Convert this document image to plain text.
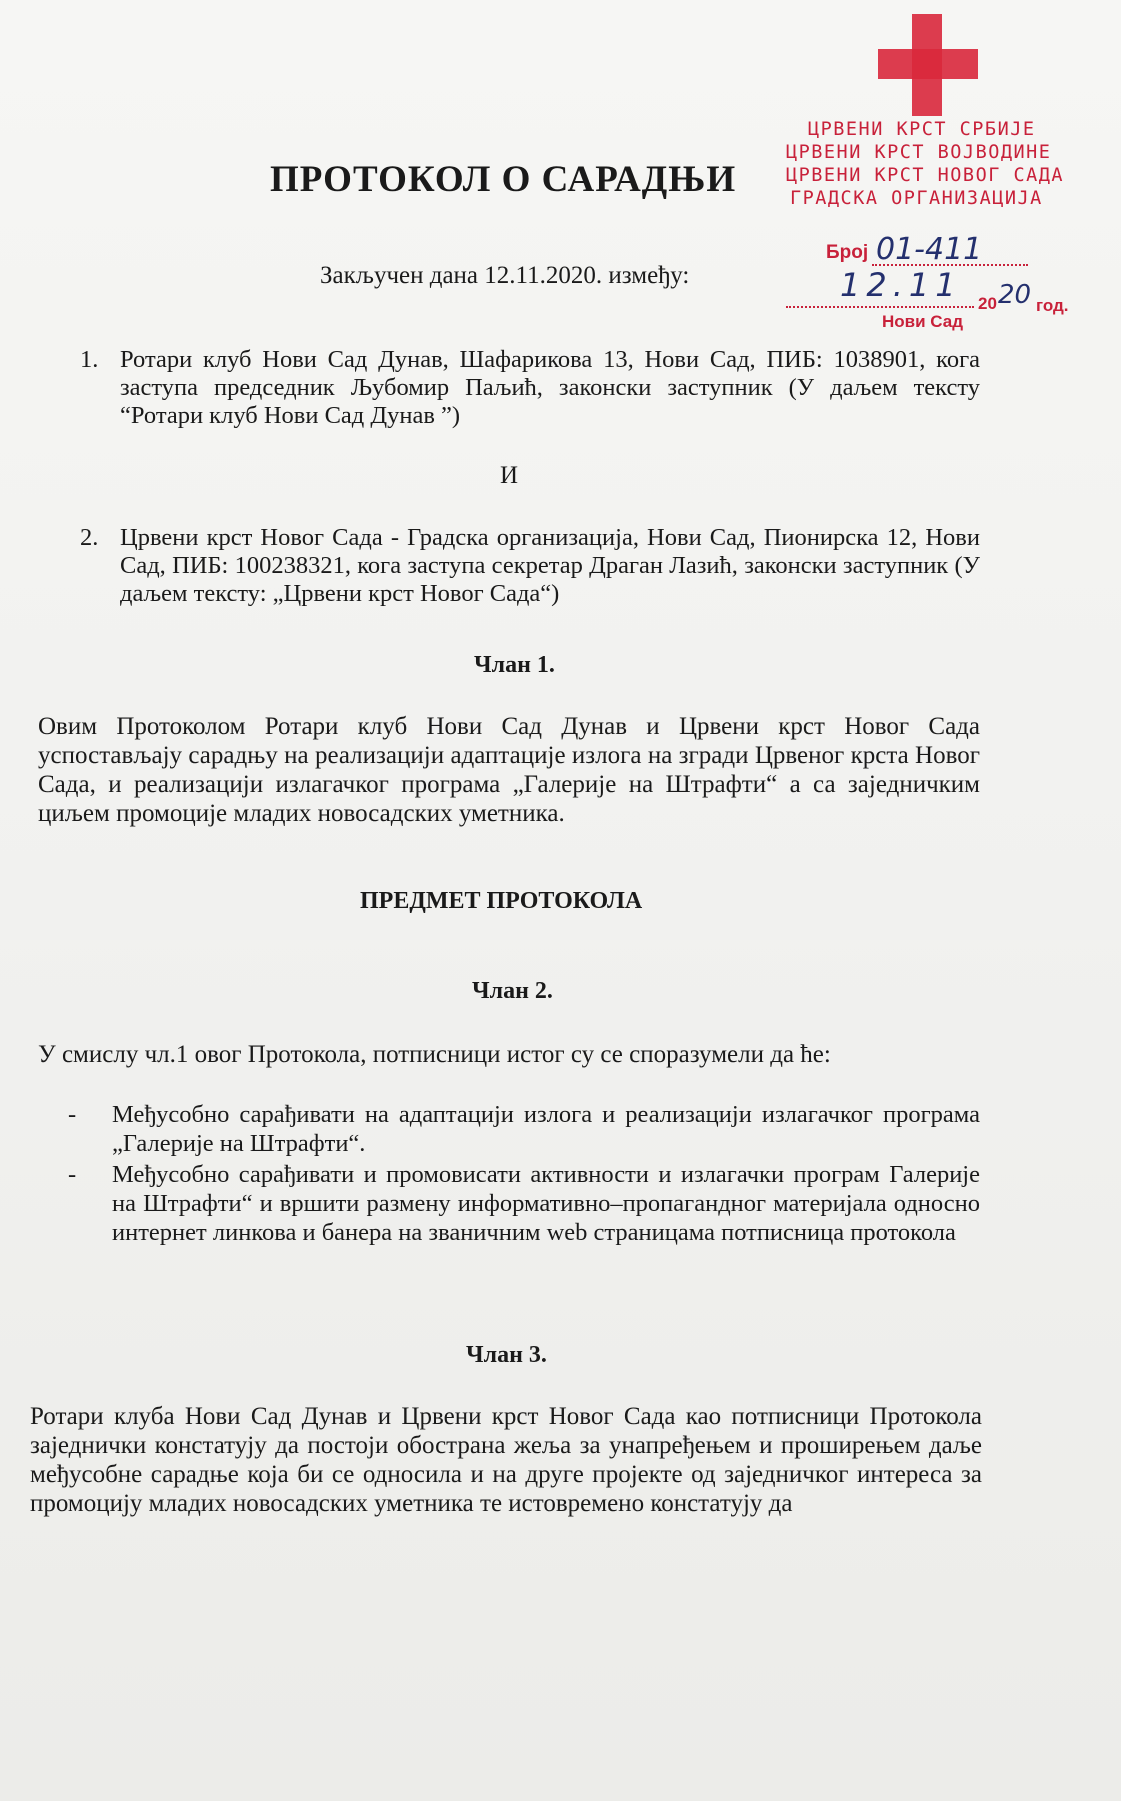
ЦРВЕНИ КРСТ СРБИЈЕ
ЦРВЕНИ КРСТ ВОЈВОДИНЕ
ЦРВЕНИ КРСТ НОВОГ САДА
ГРАДСКА ОРГАНИЗАЦИЈА
Број 01-411
12.11 20 20 год.
Нови Сад
ПРОТОКОЛ О САРАДЊИ
Закључен дана 12.11.2020. између:
1. Ротари клуб Нови Сад Дунав, Шафарикова 13, Нови Сад, ПИБ: 1038901, кога заступа председник Љубомир Паљић, законски заступник (У даљем тексту “Ротари клуб Нови Сад Дунав ”)
И
2. Црвени крст Новог Сада - Градска организација, Нови Сад, Пионирска 12, Нови Сад, ПИБ: 100238321, кога заступа секретар Драган Лазић, законски заступник (У даљем тексту: „Црвени крст Новог Сада“)
Члан 1.
Овим Протоколом Ротари клуб Нови Сад Дунав и Црвени крст Новог Сада успостављају сарадњу на реализацији адаптације излога на згради Црвеног крста Новог Сада, и реализацији излагачког програма „Галерије на Штрафти“ а са заједничким циљем промоције младих новосадских уметника.
ПРЕДМЕТ ПРОТОКОЛА
Члан 2.
У смислу чл.1 овог Протокола, потписници истог су се споразумели да ће:
- Међусобно сарађивати на адаптацији излога и реализацији излагачког програма „Галерије на Штрафти“.
- Међусобно сарађивати и промовисати активности и излагачки програм Галерије на Штрафти“ и вршити размену информативно–пропагандног материјала односно интернет линкова и банера на званичним web страницама потписница протокола
Члан 3.
Ротари клуба Нови Сад Дунав и Црвени крст Новог Сада као потписници Протокола заједнички констатују да постоји обострана жеља за унапређењем и проширењем даље међусобне сарадње која би се односила и на друге пројекте од заједничког интереса за промоцију младих новосадских уметника те истовремено констатују да
